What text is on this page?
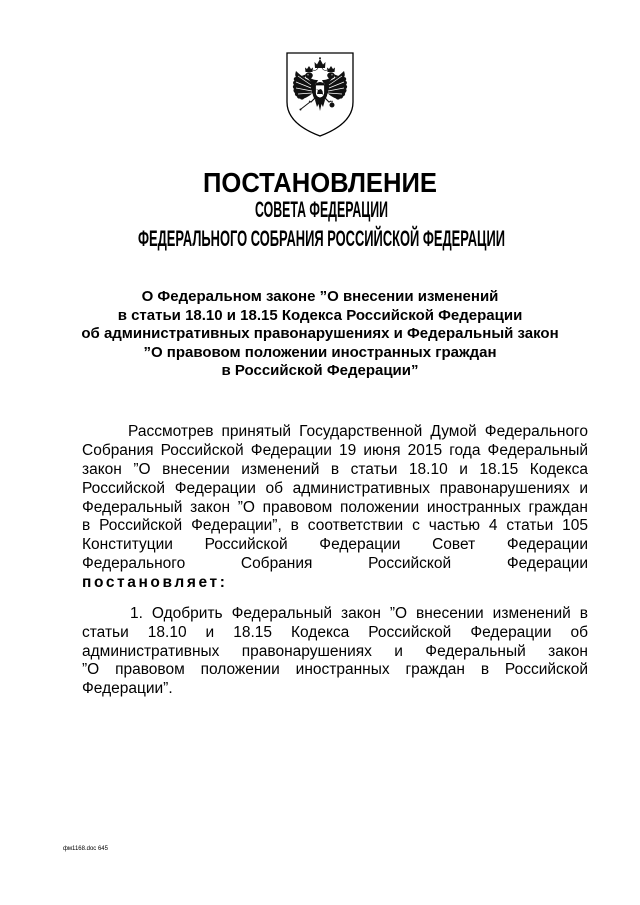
ПОСТАНОВЛЕНИЕ
СОВЕТА ФЕДЕРАЦИИ
ФЕДЕРАЛЬНОГО СОБРАНИЯ РОССИЙСКОЙ ФЕДЕРАЦИИ
О Федеральном законе ”О внесении изменений
в статьи 18.10 и 18.15 Кодекса Российской Федерации
об административных правонарушениях и Федеральный закон
”О правовом положении иностранных граждан
в Российской Федерации”
Рассмотрев принятый Государственной Думой Федерального
Собрания Российской Федерации 19 июня 2015 года Федеральный
закон ”О внесении изменений в статьи 18.10 и 18.15 Кодекса
Российской Федерации об административных правонарушениях и
Федеральный закон ”О правовом положении иностранных граждан
в Российской Федерации”, в соответствии с частью 4 статьи 105
Конституции Российской Федерации Совет Федерации
Федерального Собрания Российской Федерации
постановляет:
1. Одобрить Федеральный закон ”О внесении изменений в
статьи 18.10 и 18.15 Кодекса Российской Федерации об
административных правонарушениях и Федеральный закон
”О правовом положении иностранных граждан в Российской
Федерации”.
фм1168.doc 645
